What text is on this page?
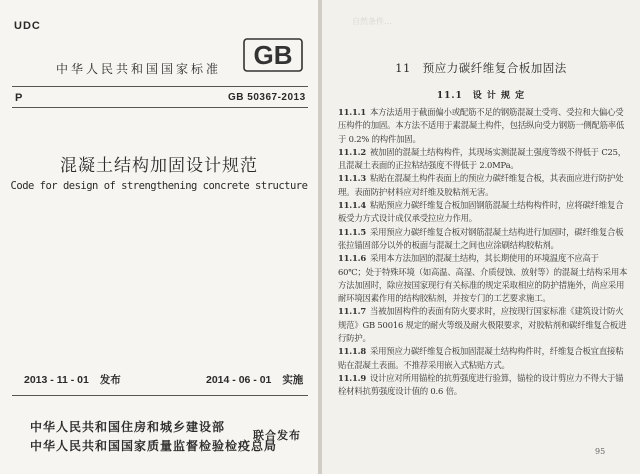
UDC
中华人民共和国国家标准 GB
P	GB 50367-2013
混凝土结构加固设计规范
Code for design of strengthening concrete structure
2013 - 11 - 01 发布	2014 - 06 - 01 实施
中华人民共和国住房和城乡建设部
中华人民共和国国家质量监督检验检疫总局
联合发布
自然条件...
11　预应力碳纤维复合板加固法
11.1　设 计 规 定
11.1.1 本方法适用于截面偏小或配筋不足的钢筋混凝土受弯、受拉和大偏心受压构件的加固。本方法不适用于素混凝土构件，包括纵向受力钢筋一侧配筋率低于 0.2% 的构件加固。
11.1.2 被加固的混凝土结构构件，其现场实测混凝土强度等级不得低于 C25，且混凝土表面的正拉粘结强度不得低于 2.0MPa。
11.1.3 粘贴在混凝土构件表面上的预应力碳纤维复合板，其表面应进行防护处理。表面防护材料应对纤维及胶粘剂无害。
11.1.4 粘贴预应力碳纤维复合板加固钢筋混凝土结构构件时，应将碳纤维复合板受力方式设计成仅承受拉应力作用。
11.1.5 采用预应力碳纤维复合板对钢筋混凝土结构进行加固时，碳纤维复合板张拉锚固部分以外的板面与混凝土之间也应涂刷结构胶粘剂。
11.1.6 采用本方法加固的混凝土结构，其长期使用的环境温度不应高于 60℃；处于特殊环境（如高温、高湿、介质侵蚀、放射等）的混凝土结构采用本方法加固时，除应按国家现行有关标准的规定采取相应的防护措施外，尚应采用耐环境因素作用的结构胶粘剂，并按专门的工艺要求施工。
11.1.7 当被加固构件的表面有防火要求时，应按现行国家标准《建筑设计防火规范》GB 50016 规定的耐火等级及耐火极限要求，对胶粘剂和碳纤维复合板进行防护。
11.1.8 采用预应力碳纤维复合板加固混凝土结构构件时，纤维复合板宜直接粘贴在混凝土表面。不推荐采用嵌入式粘贴方式。
11.1.9 设计应对所用锚栓的抗剪强度进行验算，锚栓的设计剪应力不得大于锚栓材料抗剪强度设计值的 0.6 倍。
95
